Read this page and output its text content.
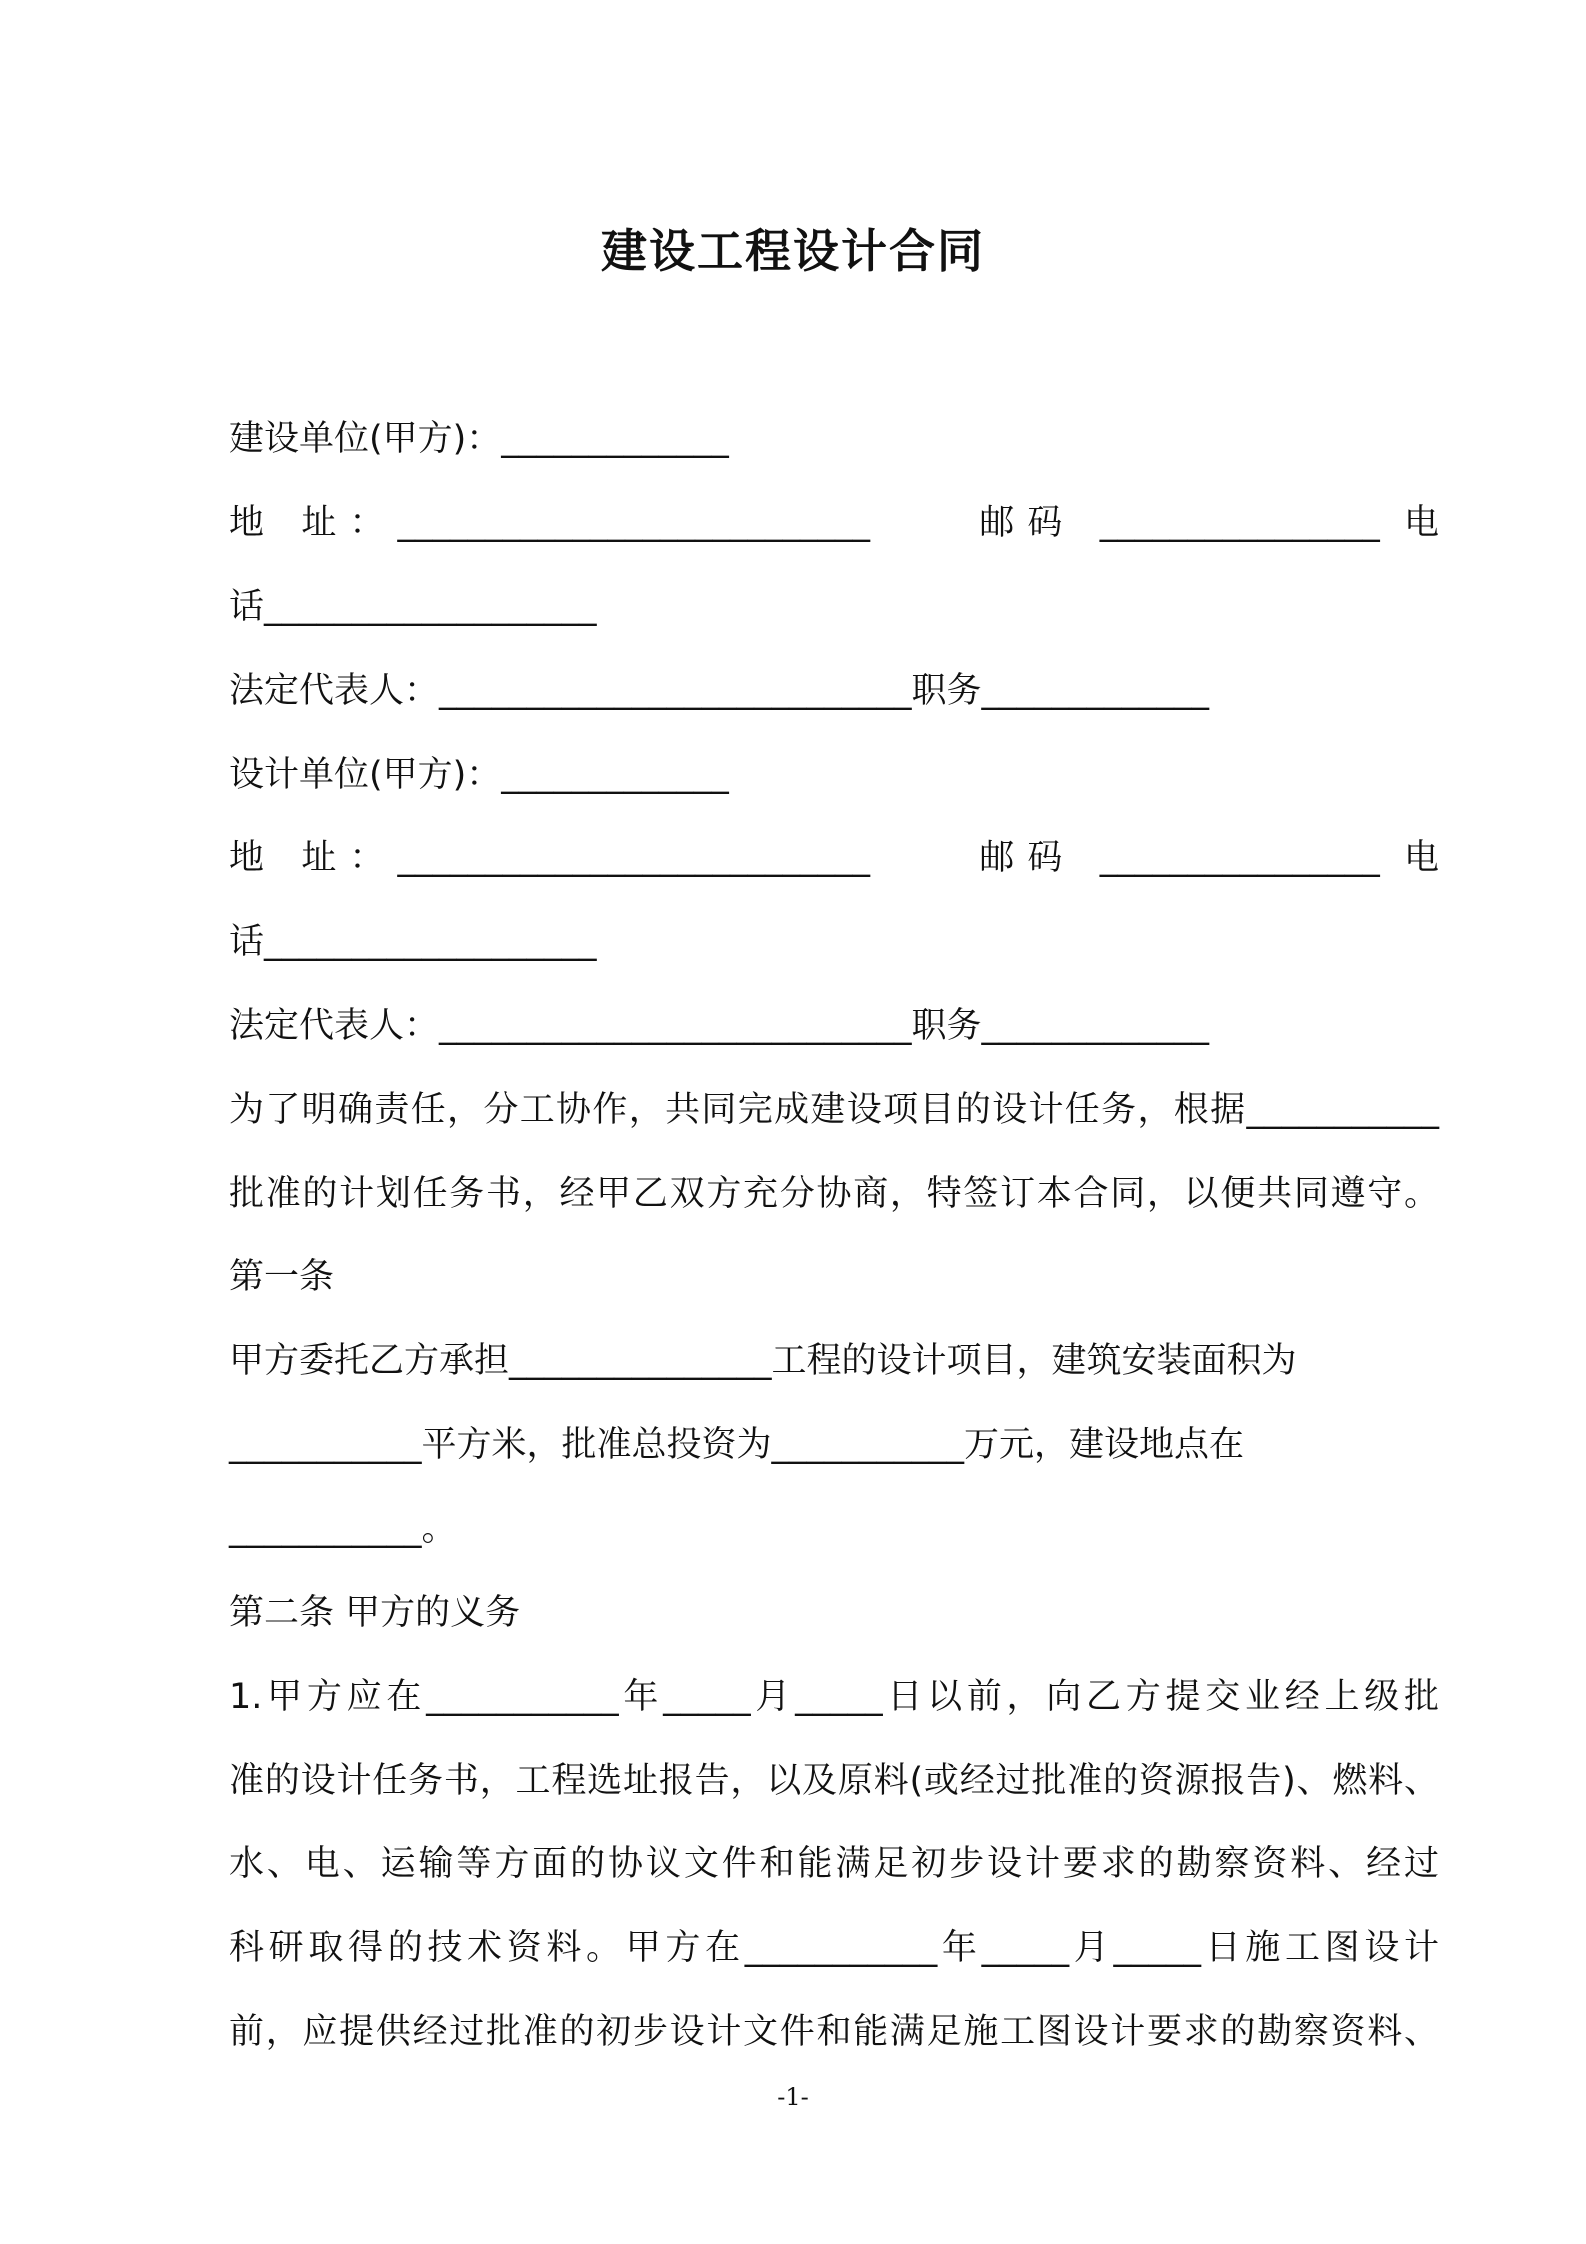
建设工程设计合同
建设单位(甲方)：_____________
地 址：___________________________　　邮码 ________________ 电
话___________________
法定代表人：___________________________职务_____________
设计单位(甲方)：_____________
地 址：___________________________　　邮码 ________________ 电
话___________________
法定代表人：___________________________职务_____________
为了明确责任，分工协作，共同完成建设项目的设计任务，根据___________
批准的计划任务书，经甲乙双方充分协商，特签订本合同，以便共同遵守。
第一条
甲方委托乙方承担_______________工程的设计项目，建筑安装面积为
___________平方米，批准总投资为___________万元，建设地点在
___________。
第二条 甲方的义务
1.甲方应在___________年_____月_____日以前，向乙方提交业经上级批
准的设计任务书，工程选址报告，以及原料(或经过批准的资源报告)、燃料、
水、电、运输等方面的协议文件和能满足初步设计要求的勘察资料、经过
科研取得的技术资料。甲方在___________年_____月_____日施工图设计
前，应提供经过批准的初步设计文件和能满足施工图设计要求的勘察资料、
-1-
